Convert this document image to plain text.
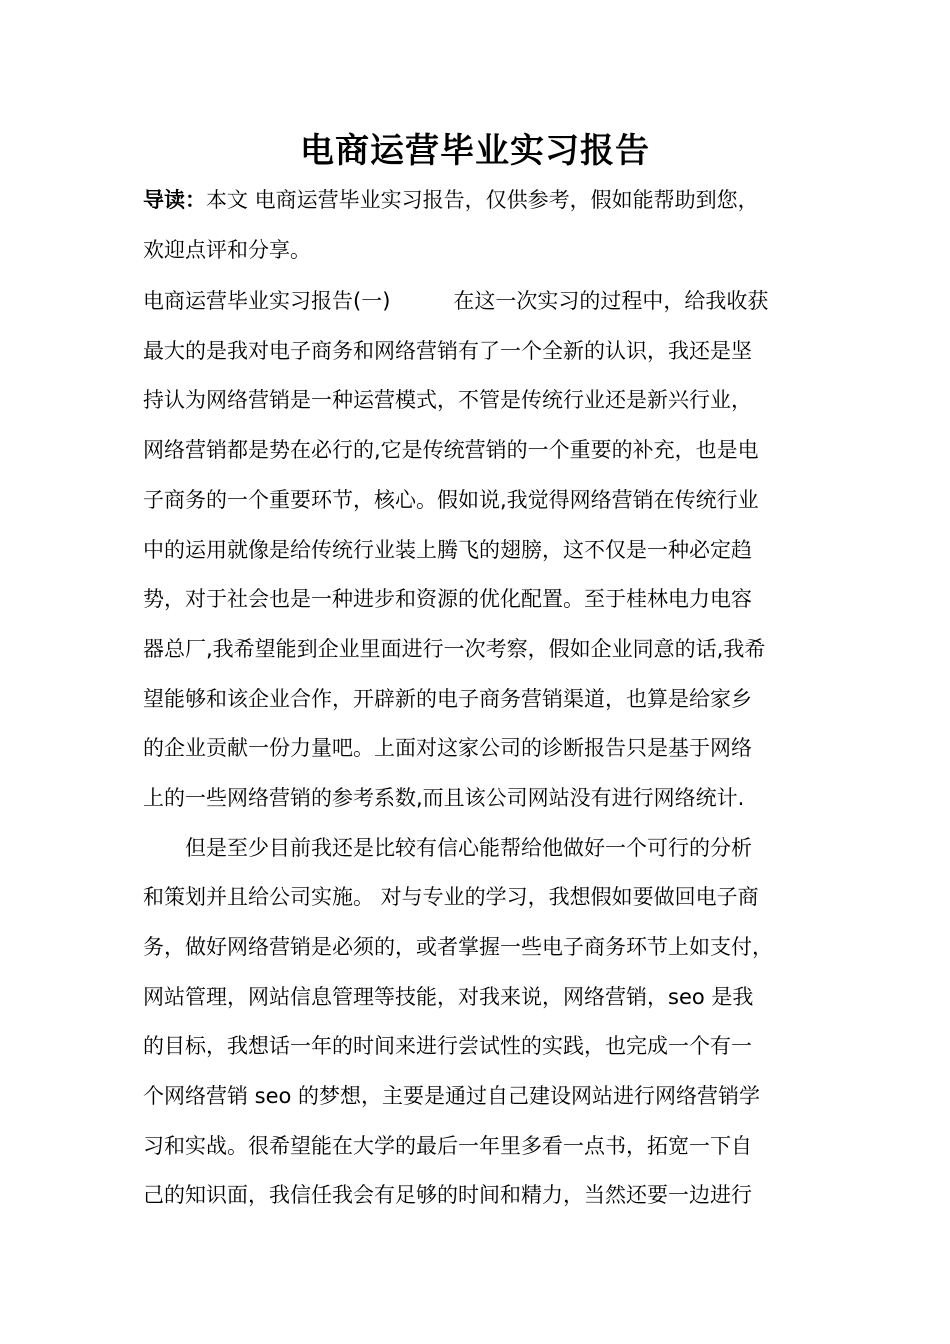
电商运营毕业实习报告
导读：本文 电商运营毕业实习报告，仅供参考，假如能帮助到您，
欢迎点评和分享。
电商运营毕业实习报告(一)　　　在这一次实习的过程中，给我收获
最大的是我对电子商务和网络营销有了一个全新的认识，我还是坚
持认为网络营销是一种运营模式，不管是传统行业还是新兴行业，
网络营销都是势在必行的,它是传统营销的一个重要的补充，也是电
子商务的一个重要环节，核心。假如说,我觉得网络营销在传统行业
中的运用就像是给传统行业装上腾飞的翅膀，这不仅是一种必定趋
势，对于社会也是一种进步和资源的优化配置。至于桂林电力电容
器总厂,我希望能到企业里面进行一次考察，假如企业同意的话,我希
望能够和该企业合作，开辟新的电子商务营销渠道，也算是给家乡
的企业贡献一份力量吧。上面对这家公司的诊断报告只是基于网络
上的一些网络营销的参考系数,而且该公司网站没有进行网络统计.
　　但是至少目前我还是比较有信心能帮给他做好一个可行的分析
和策划并且给公司实施。 对与专业的学习，我想假如要做回电子商
务，做好网络营销是必须的，或者掌握一些电子商务环节上如支付，
网站管理，网站信息管理等技能，对我来说，网络营销，seo 是我
的目标，我想话一年的时间来进行尝试性的实践，也完成一个有一
个网络营销 seo 的梦想，主要是通过自己建设网站进行网络营销学
习和实战。很希望能在大学的最后一年里多看一点书，拓宽一下自
己的知识面，我信任我会有足够的时间和精力，当然还要一边进行
